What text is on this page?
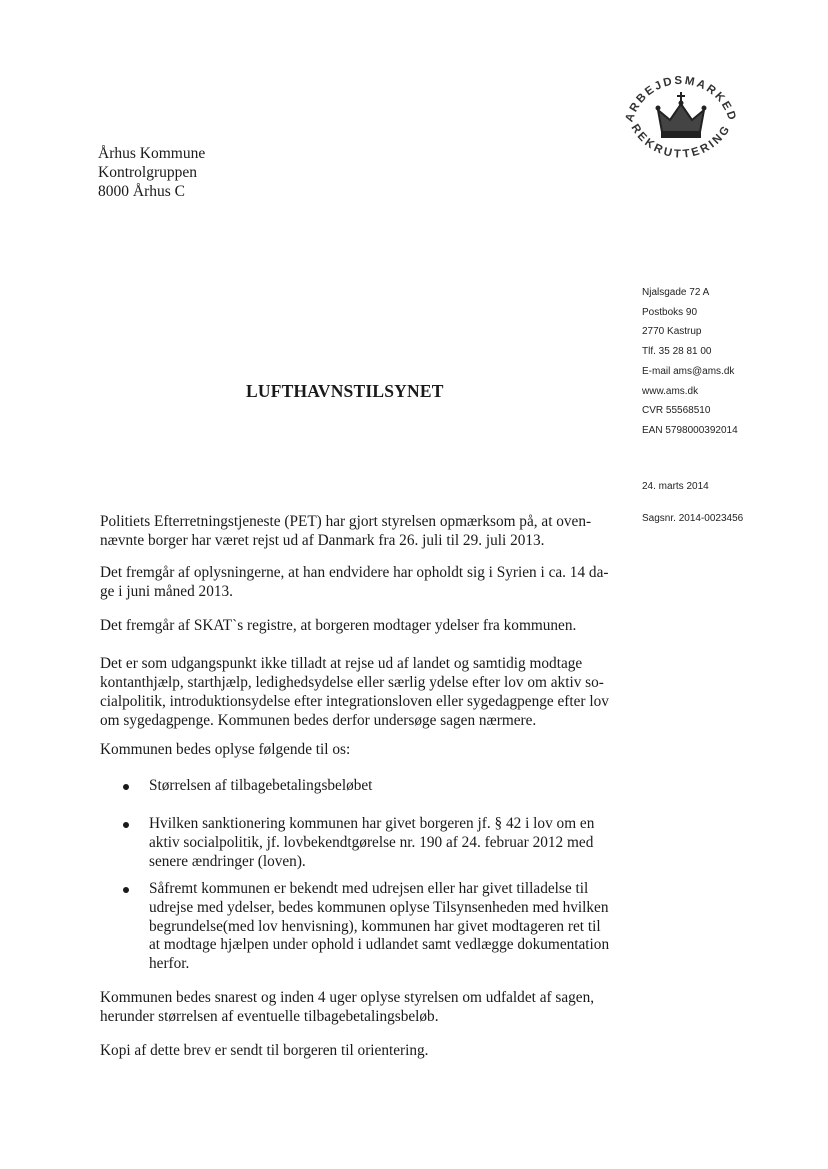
ARBEJDSMARKED
REKRUTTERING
Århus Kommune
Kontrolgruppen
8000 Århus C
Njalsgade 72 A
Postboks 90
2770 Kastrup
Tlf. 35 28 81 00
E-mail ams@ams.dk
www.ams.dk
CVR 55568510
EAN 5798000392014
24. marts 2014
Sagsnr. 2014-0023456
LUFTHAVNSTILSYNET
Politiets Efterretningstjeneste (PET) har gjort styrelsen opmærksom på, at oven-
nævnte borger har været rejst ud af Danmark fra 26. juli til 29. juli 2013.
Det fremgår af oplysningerne, at han endvidere har opholdt sig i Syrien i ca. 14 da-
ge i juni måned 2013.
Det fremgår af SKAT`s registre, at borgeren modtager ydelser fra kommunen.
Det er som udgangspunkt ikke tilladt at rejse ud af landet og samtidig modtage
kontanthjælp, starthjælp, ledighedsydelse eller særlig ydelse efter lov om aktiv so-
cialpolitik, introduktionsydelse efter integrationsloven eller sygedagpenge efter lov
om sygedagpenge. Kommunen bedes derfor undersøge sagen nærmere.
Kommunen bedes oplyse følgende til os:
Størrelsen af tilbagebetalingsbeløbet
Hvilken sanktionering kommunen har givet borgeren jf. § 42 i lov om en
aktiv socialpolitik, jf. lovbekendtgørelse nr. 190 af 24. februar 2012 med
senere ændringer (loven).
Såfremt kommunen er bekendt med udrejsen eller har givet tilladelse til
udrejse med ydelser, bedes kommunen oplyse Tilsynsenheden med hvilken
begrundelse(med lov henvisning), kommunen har givet modtageren ret til
at modtage hjælpen under ophold i udlandet samt vedlægge dokumentation
herfor.
Kommunen bedes snarest og inden 4 uger oplyse styrelsen om udfaldet af sagen,
herunder størrelsen af eventuelle tilbagebetalingsbeløb.
Kopi af dette brev er sendt til borgeren til orientering.
